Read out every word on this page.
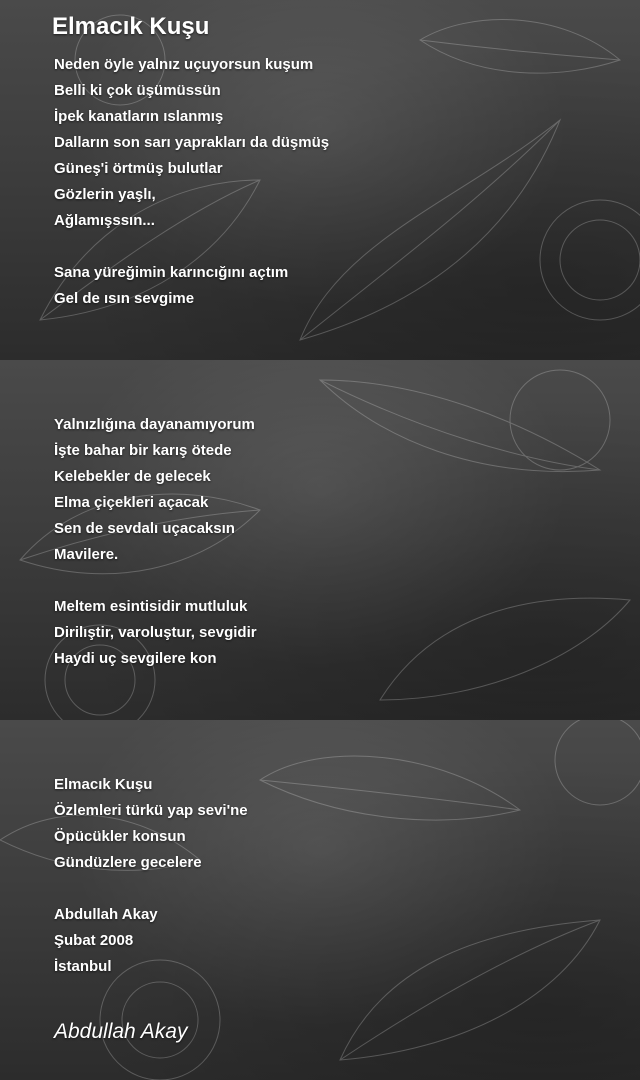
Elmacık Kuşu
Neden öyle yalnız uçuyorsun kuşum
Belli ki çok üşümüssün
İpek kanatların ıslanmış
Dalların son sarı yaprakları da düşmüş
Güneş'i örtmüş bulutlar
Gözlerin yaşlı,
Ağlamışssın...
Sana yüreğimin karıncığını açtım
Gel de ısın sevgime
Yalnızlığına dayanamıyorum
İşte bahar bir karış ötede
Kelebekler de gelecek
Elma çiçekleri açacak
Sen de sevdalı uçacaksın
Mavilere.
Meltem esintisidir mutluluk
Dirilıştir, varoluştur, sevgidir
Haydi uç sevgilere kon
Elmacık Kuşu
Özlemleri türkü yap sevi'ne
Öpücükler konsun
Gündüzlere gecelere
Abdullah Akay
Şubat 2008
İstanbul
Abdullah Akay
